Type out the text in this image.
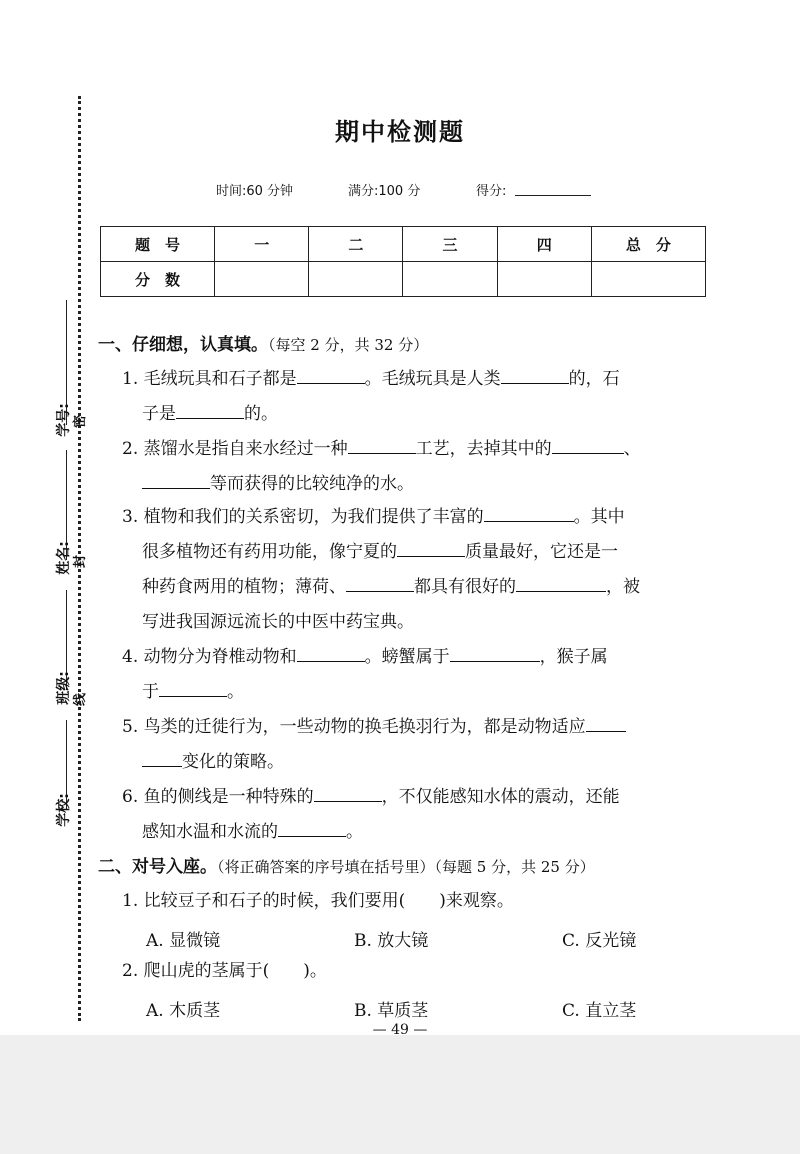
学号:
姓名:
班级:
学校:
密
封
线
期中检测题
时间:60 分钟	满分:100 分	得分:
题　号	一	二	三	四	总　分
分　数					
一、仔细想，认真填。（每空 2 分，共 32 分）
1. 毛绒玩具和石子都是	。毛绒玩具是人类	的，石
子是	的。
2. 蒸馏水是指自来水经过一种	工艺，去掉其中的	、
等而获得的比较纯净的水。
3. 植物和我们的关系密切，为我们提供了丰富的	。其中
很多植物还有药用功能，像宁夏的	质量最好，它还是一
种药食两用的植物；薄荷、	都具有很好的	，被
写进我国源远流长的中医中药宝典。
4. 动物分为脊椎动物和	。螃蟹属于	，猴子属
于	。
5. 鸟类的迁徙行为，一些动物的换毛换羽行为，都是动物适应
变化的策略。
6. 鱼的侧线是一种特殊的	，不仅能感知水体的震动，还能
感知水温和水流的	。
二、对号入座。（将正确答案的序号填在括号里）（每题 5 分，共 25 分）
1. 比较豆子和石子的时候，我们要用(　　)来观察。
A. 显微镜	B. 放大镜	C. 反光镜
2. 爬山虎的茎属于(　　)。
A. 木质茎	B. 草质茎	C. 直立茎
— 49 —
